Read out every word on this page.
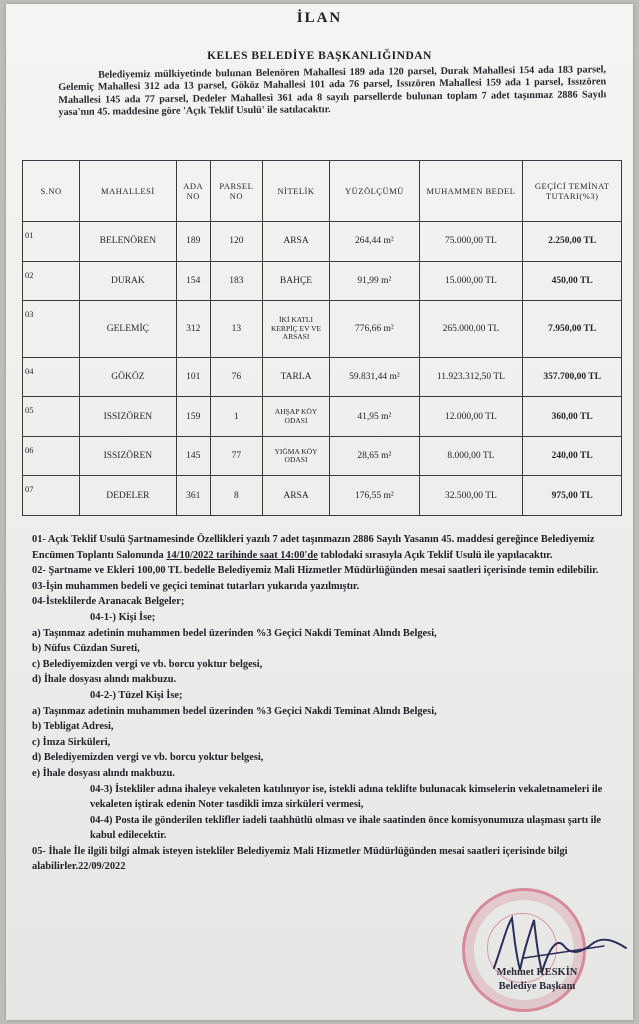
İLAN
KELES BELEDİYE BAŞKANLIĞINDAN
Belediyemiz mülkiyetinde bulunan Belenören Mahallesi 189 ada 120 parsel, Durak Mahallesi 154 ada 183 parsel, Gelemiç Mahallesi 312 ada 13 parsel, Gököz Mahallesi 101 ada 76 parsel, Issızören Mahallesi 159 ada 1 parsel, Issızören Mahallesi 145 ada 77 parsel, Dedeler Mahallesi 361 ada 8 sayılı parsellerde bulunan toplam 7 adet taşınmaz 2886 Sayılı yasa'nın 45. maddesine göre 'Açık Teklif Usulü' ile satılacaktır.
S.NO	MAHALLESİ	ADA NO	PARSEL NO	NİTELİK	YÜZÖLÇÜMÜ	MUHAMMEN BEDEL	GEÇİCİ TEMİNAT TUTARI(%3)
01	BELENÖREN	189	120	ARSA	264,44 m²	75.000,00 TL	2.250,00 TL
02	DURAK	154	183	BAHÇE	91,99 m²	15.000,00 TL	450,00 TL
03	GELEMİÇ	312	13	İKİ KATLI KERPİÇ EV VE ARSASI	776,66 m²	265.000,00 TL	7.950,00 TL
04	GÖKÖZ	101	76	TARLA	59.831,44 m²	11.923.312,50 TL	357.700,00 TL
05	ISSIZÖREN	159	1	AHŞAP KÖY ODASI	41,95 m²	12.000,00 TL	360,00 TL
06	ISSIZÖREN	145	77	YIĞMA KÖY ODASI	28,65 m²	8.000,00 TL	240,00 TL
07	DEDELER	361	8	ARSA	176,55 m²	32.500,00 TL	975,00 TL

01- Açık Teklif Usulü Şartnamesinde Özellikleri yazılı 7 adet taşınmazın 2886 Sayılı Yasanın 45. maddesi gereğince Belediyemiz Encümen Toplantı Salonunda 14/10/2022 tarihinde saat 14:00'de tablodaki sırasıyla Açık Teklif Usulü ile yapılacaktır.

02- Şartname ve Ekleri 100,00 TL bedelle Belediyemiz Mali Hizmetler Müdürlüğünden mesai saatleri içerisinde temin edilebilir.

03-İşin muhammen bedeli ve geçici teminat tutarları yukarıda yazılmıştır.

04-İsteklilerde Aranacak Belgeler;

04-1-) Kişi İse;

a) Taşınmaz adetinin muhammen bedel üzerinden %3 Geçici Nakdi Teminat Alındı Belgesi,

b) Nüfus Cüzdan Sureti,

c) Belediyemizden vergi ve vb. borcu yoktur belgesi,

d) İhale dosyası alındı makbuzu.

04-2-) Tüzel Kişi İse;

a) Taşınmaz adetinin muhammen bedel üzerinden %3 Geçici Nakdi Teminat Alındı Belgesi,

b) Tebligat Adresi,

c) İmza Sirküleri,

d) Belediyemizden vergi ve vb. borcu yoktur belgesi,

e) İhale dosyası alındı makbuzu.

04-3) İstekliler adına ihaleye vekaleten katılınıyor ise, istekli adına teklifte bulunacak kimselerin vekaletnameleri ile vekaleten iştirak edenin Noter tasdikli imza sirküleri vermesi,

04-4) Posta ile gönderilen teklifler iadeli taahhütlü olması ve ihale saatinden önce komisyonumuza ulaşması şartı ile kabul edilecektir.

05- İhale İle ilgili bilgi almak isteyen istekliler Belediyemiz Mali Hizmetler Müdürlüğünden mesai saatleri içerisinde bilgi alabilirler.22/09/2022

Mehmet KESKİN
Belediye Başkanı
